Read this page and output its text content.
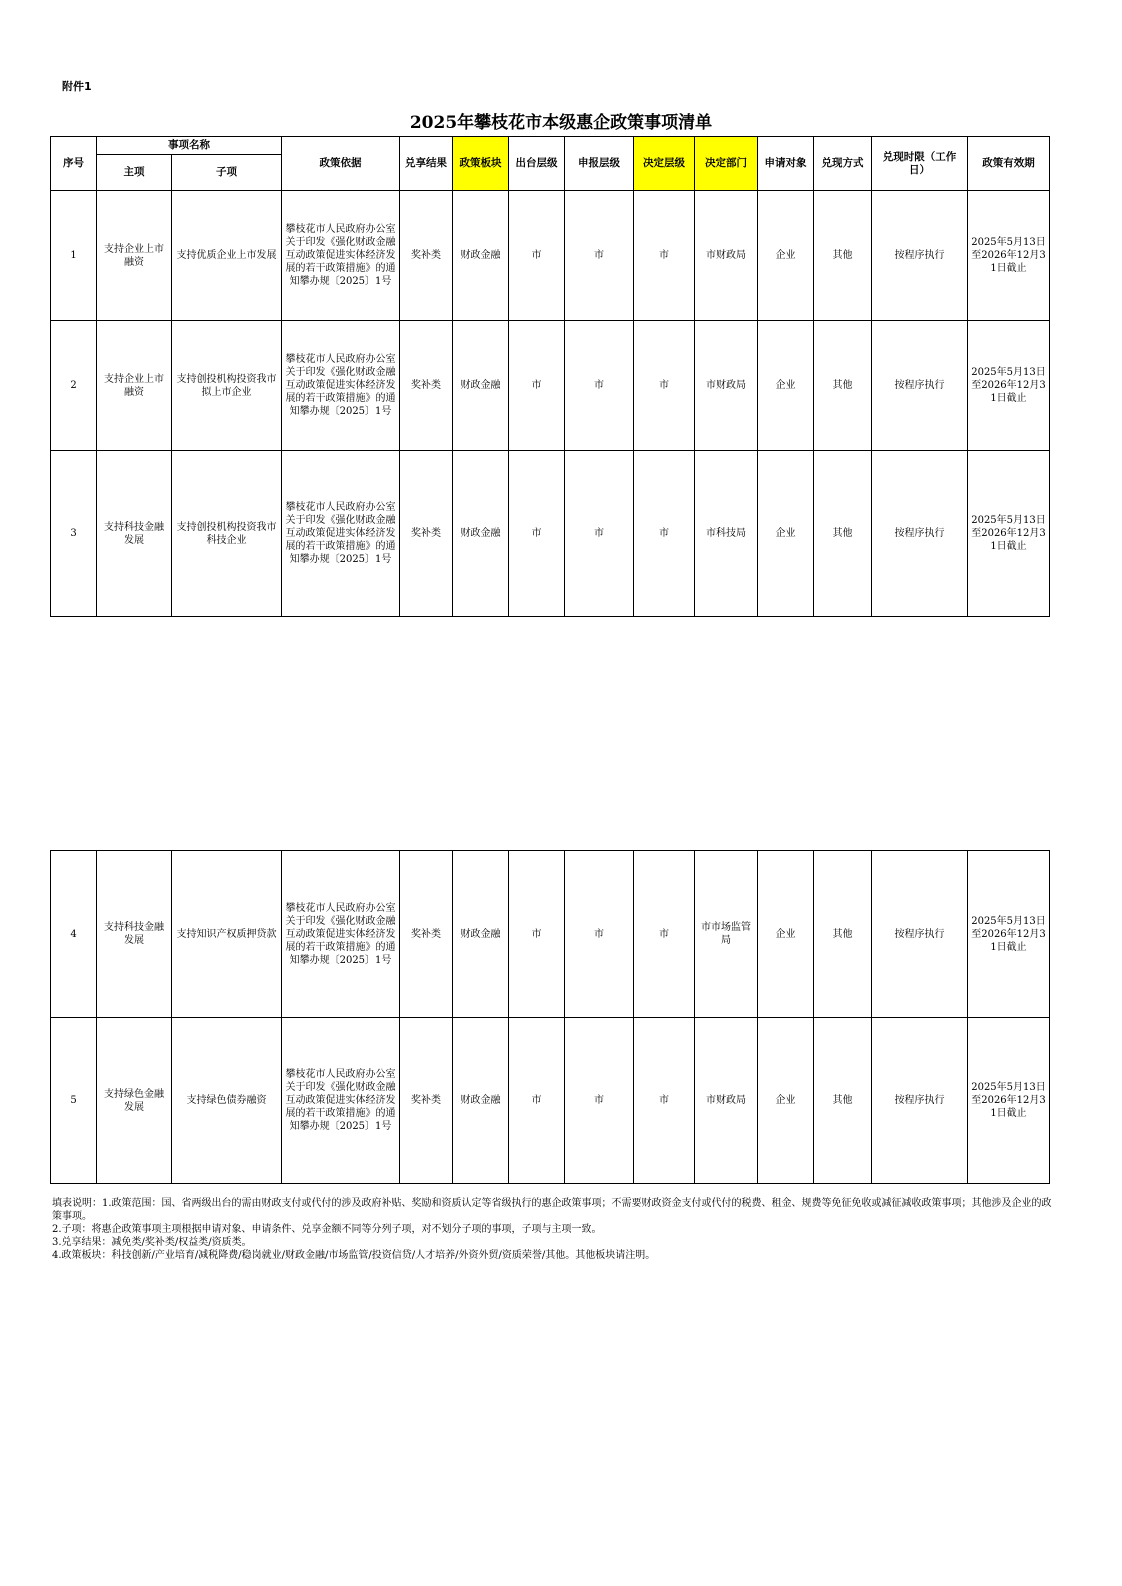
附件1
2025年攀枝花市本级惠企政策事项清单
序号	事项名称		政策依据	兑享结果	政策板块	出台层级	申报层级	决定层级	决定部门	申请对象	兑现方式	兑现时限（工作日）	政策有效期
	主项	子项											
1	支持企业上市融资	支持优质企业上市发展	攀枝花市人民政府办公室关于印发《强化财政金融互动政策促进实体经济发展的若干政策措施》的通知攀办规〔2025〕1号	奖补类	财政金融	市	市	市	市财政局	企业	其他	按程序执行	2025年5月13日至2026年12月31日截止
2	支持企业上市融资	支持创投机构投资我市拟上市企业	攀枝花市人民政府办公室关于印发《强化财政金融互动政策促进实体经济发展的若干政策措施》的通知攀办规〔2025〕1号	奖补类	财政金融	市	市	市	市财政局	企业	其他	按程序执行	2025年5月13日至2026年12月31日截止
3	支持科技金融发展	支持创投机构投资我市科技企业	攀枝花市人民政府办公室关于印发《强化财政金融互动政策促进实体经济发展的若干政策措施》的通知攀办规〔2025〕1号	奖补类	财政金融	市	市	市	市科技局	企业	其他	按程序执行	2025年5月13日至2026年12月31日截止
4	支持科技金融发展	支持知识产权质押贷款	攀枝花市人民政府办公室关于印发《强化财政金融互动政策促进实体经济发展的若干政策措施》的通知攀办规〔2025〕1号	奖补类	财政金融	市	市	市	市市场监管局	企业	其他	按程序执行	2025年5月13日至2026年12月31日截止
5	支持绿色金融发展	支持绿色债券融资	攀枝花市人民政府办公室关于印发《强化财政金融互动政策促进实体经济发展的若干政策措施》的通知攀办规〔2025〕1号	奖补类	财政金融	市	市	市	市财政局	企业	其他	按程序执行	2025年5月13日至2026年12月31日截止
填表说明：1.政策范围：国、省两级出台的需由财政支付或代付的涉及政府补贴、奖励和资质认定等省级执行的惠企政策事项；不需要财政资金支付或代付的税费、租金、规费等免征免收或减征减收政策事项；其他涉及企业的政策事项。
2.子项：将惠企政策事项主项根据申请对象、申请条件、兑享金额不同等分列子项，对不划分子项的事项，子项与主项一致。
3.兑享结果：减免类/奖补类/权益类/资质类。
4.政策板块：科技创新/产业培育/减税降费/稳岗就业/财政金融/市场监管/投资信贷/人才培养/外资外贸/资质荣誉/其他。其他板块请注明。
